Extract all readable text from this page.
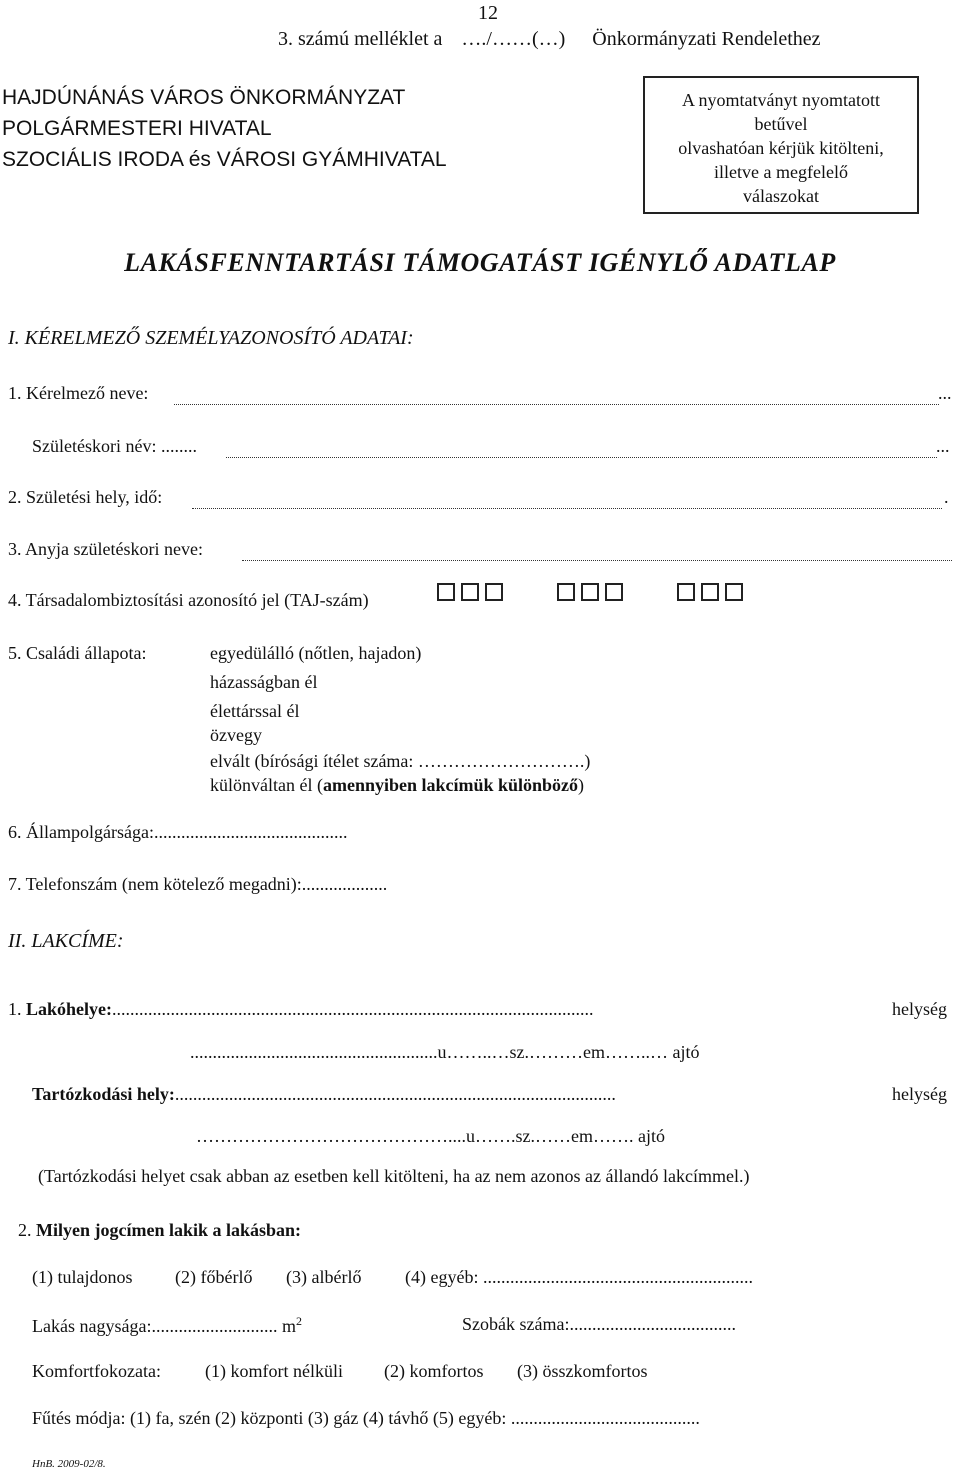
12
3. számú melléklet a …./……(…) Önkormányzati Rendelethez
HAJDÚNÁNÁS VÁROS ÖNKORMÁNYZAT
POLGÁRMESTERI HIVATAL
SZOCIÁLIS IRODA és VÁROSI GYÁMHIVATAL
A nyomtatványt nyomtatott
betűvel
olvashatóan kérjük kitölteni,
illetve a megfelelő
válaszokat
LAKÁSFENNTARTÁSI TÁMOGATÁST IGÉNYLŐ ADATLAP
I. KÉRELMEZŐ SZEMÉLYAZONOSÍTÓ ADATAI:
1. Kérelmező neve:	...
Születéskori név: ........	...
2. Születési hely, idő:	.
3. Anyja születéskori neve:
4. Társadalombiztosítási azonosító jel (TAJ-szám)
5. Családi állapota:	egyedülálló (nőtlen, hajadon)
házasságban él
élettárssal él
özvegy
elvált (bírósági ítélet száma: ……………………….)
különváltan él (amennyiben lakcímük különböző)
6. Állampolgársága:...........................................
7. Telefonszám (nem kötelező megadni):...................
II. LAKCÍME:
1. Lakóhelye:...........................................................................................................	helység
.......................................................u……..…sz.………em……..… ajtó
Tartózkodási hely:..................................................................................................	helység
……………………………………....u…….sz.……em……. ajtó
(Tartózkodási helyet csak abban az esetben kell kitölteni, ha az nem azonos az állandó lakcímmel.)
2. Milyen jogcímen lakik a lakásban:
(1) tulajdonos (2) főbérlő (3) albérlő (4) egyéb: ............................................................
Lakás nagysága:............................ $m^2$	Szobák száma:.....................................
Komfortfokozata: (1) komfort nélküli (2) komfortos (3) összkomfortos
Fűtés módja: (1) fa, szén (2) központi (3) gáz (4) távhő (5) egyéb: ..........................................
HnB. 2009-02/8.
